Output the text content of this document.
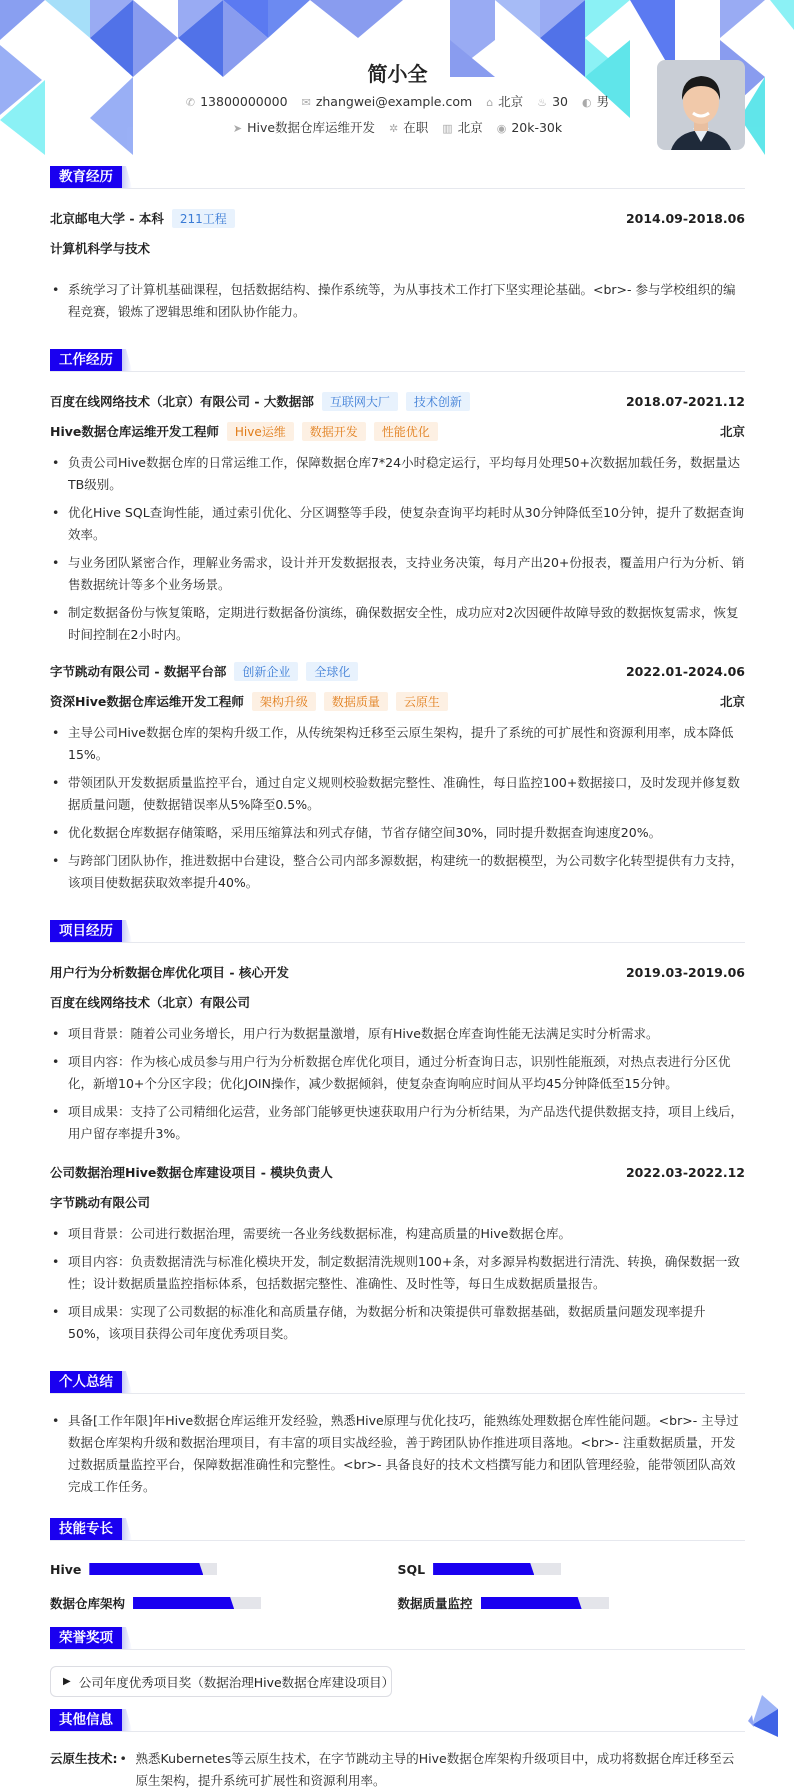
简小全
✆ 13800000000 ✉ zhangwei@example.com ⌂ 北京 ♨ 30 ◐ 男
➤ Hive数据仓库运维开发 ✲ 在职 ▥ 北京 ◉ 20k-30k
教育经历
北京邮电大学 - 本科	211工程	2014.09-2018.06
计算机科学与技术
• 系统学习了计算机基础课程，包括数据结构、操作系统等，为从事技术工作打下坚实理论基础。<br>- 参与学校组织的编程竞赛，锻炼了逻辑思维和团队协作能力。
工作经历
百度在线网络技术（北京）有限公司 - 大数据部	互联网大厂	技术创新	2018.07-2021.12
Hive数据仓库运维开发工程师	Hive运维	数据开发	性能优化	北京
• 负责公司Hive数据仓库的日常运维工作，保障数据仓库7*24小时稳定运行，平均每月处理50+次数据加载任务，数据量达TB级别。
• 优化Hive SQL查询性能，通过索引优化、分区调整等手段，使复杂查询平均耗时从30分钟降低至10分钟，提升了数据查询效率。
• 与业务团队紧密合作，理解业务需求，设计并开发数据报表，支持业务决策，每月产出20+份报表，覆盖用户行为分析、销售数据统计等多个业务场景。
• 制定数据备份与恢复策略，定期进行数据备份演练，确保数据安全性，成功应对2次因硬件故障导致的数据恢复需求，恢复时间控制在2小时内。
字节跳动有限公司 - 数据平台部	创新企业	全球化	2022.01-2024.06
资深Hive数据仓库运维开发工程师	架构升级	数据质量	云原生	北京
• 主导公司Hive数据仓库的架构升级工作，从传统架构迁移至云原生架构，提升了系统的可扩展性和资源利用率，成本降低15%。
• 带领团队开发数据质量监控平台，通过自定义规则校验数据完整性、准确性，每日监控100+数据接口，及时发现并修复数据质量问题，使数据错误率从5%降至0.5%。
• 优化数据仓库数据存储策略，采用压缩算法和列式存储，节省存储空间30%，同时提升数据查询速度20%。
• 与跨部门团队协作，推进数据中台建设，整合公司内部多源数据，构建统一的数据模型，为公司数字化转型提供有力支持，该项目使数据获取效率提升40%。
项目经历
用户行为分析数据仓库优化项目 - 核心开发	2019.03-2019.06
百度在线网络技术（北京）有限公司
• 项目背景：随着公司业务增长，用户行为数据量激增，原有Hive数据仓库查询性能无法满足实时分析需求。
• 项目内容：作为核心成员参与用户行为分析数据仓库优化项目，通过分析查询日志，识别性能瓶颈，对热点表进行分区优化，新增10+个分区字段；优化JOIN操作，减少数据倾斜，使复杂查询响应时间从平均45分钟降低至15分钟。
• 项目成果：支持了公司精细化运营，业务部门能够更快速获取用户行为分析结果，为产品迭代提供数据支持，项目上线后，用户留存率提升3%。
公司数据治理Hive数据仓库建设项目 - 模块负责人	2022.03-2022.12
字节跳动有限公司
• 项目背景：公司进行数据治理，需要统一各业务线数据标准，构建高质量的Hive数据仓库。
• 项目内容：负责数据清洗与标准化模块开发，制定数据清洗规则100+条，对多源异构数据进行清洗、转换，确保数据一致性；设计数据质量监控指标体系，包括数据完整性、准确性、及时性等，每日生成数据质量报告。
• 项目成果：实现了公司数据的标准化和高质量存储，为数据分析和决策提供可靠数据基础，数据质量问题发现率提升50%，该项目获得公司年度优秀项目奖。
个人总结
• 具备[工作年限]年Hive数据仓库运维开发经验，熟悉Hive原理与优化技巧，能熟练处理数据仓库性能问题。<br>- 主导过数据仓库架构升级和数据治理项目，有丰富的项目实战经验，善于跨团队协作推进项目落地。<br>- 注重数据质量，开发过数据质量监控平台，保障数据准确性和完整性。<br>- 具备良好的技术文档撰写能力和团队管理经验，能带领团队高效完成工作任务。
技能专长
Hive	SQL
数据仓库架构	数据质量监控
荣誉奖项
▶ 公司年度优秀项目奖（数据治理Hive数据仓库建设项目）
其他信息
云原生技术:	• 熟悉Kubernetes等云原生技术，在字节跳动主导的Hive数据仓库架构升级项目中，成功将数据仓库迁移至云原生架构，提升系统可扩展性和资源利用率。
